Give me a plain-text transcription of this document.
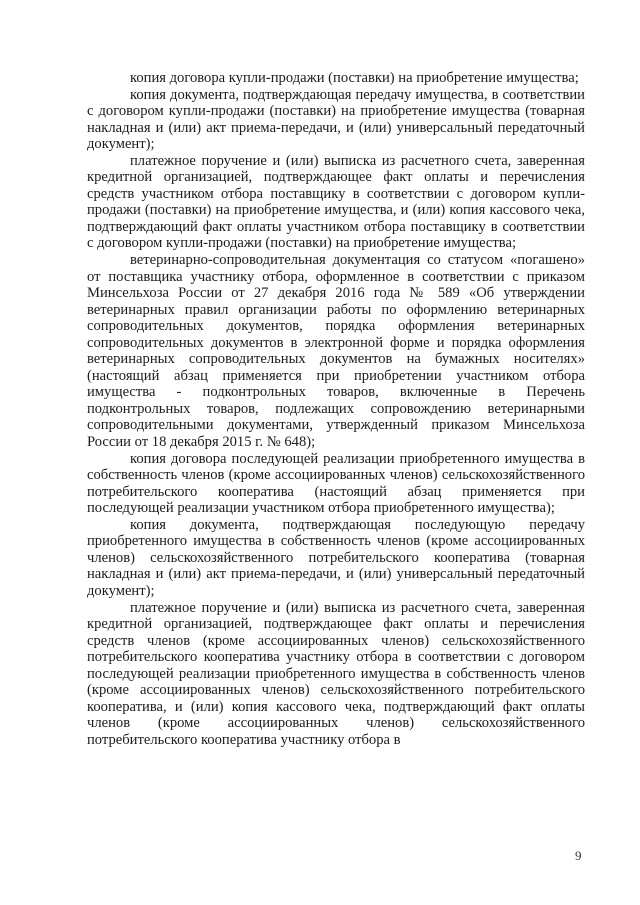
копия договора купли-продажи (поставки) на приобретение имущества;

копия документа, подтверждающая передачу имущества, в соответствии с договором купли-продажи (поставки) на приобретение имущества (товарная накладная и (или) акт приема-передачи, и (или) универсальный передаточный документ);

платежное поручение и (или) выписка из расчетного счета, заверенная кредитной организацией, подтверждающее факт оплаты и перечисления средств участником отбора поставщику в соответствии с договором купли-продажи (поставки) на приобретение имущества, и (или) копия кассового чека, подтверждающий факт оплаты участником отбора поставщику в соответствии с договором купли-продажи (поставки) на приобретение имущества;

ветеринарно-сопроводительная документация со статусом «погашено» от поставщика участнику отбора, оформленное в соответствии с приказом Минсельхоза России от 27 декабря 2016 года № 589 «Об утверждении ветеринарных правил организации работы по оформлению ветеринарных сопроводительных документов, порядка оформления ветеринарных сопроводительных документов в электронной форме и порядка оформления ветеринарных сопроводительных документов на бумажных носителях» (настоящий абзац применяется при приобретении участником отбора имущества - подконтрольных товаров, включенные в Перечень подконтрольных товаров, подлежащих сопровождению ветеринарными сопроводительными документами, утвержденный приказом Минсельхоза России от 18 декабря 2015 г. № 648);

копия договора последующей реализации приобретенного имущества в собственность членов (кроме ассоциированных членов) сельскохозяйственного потребительского кооператива (настоящий абзац применяется при последующей реализации участником отбора приобретенного имущества);

копия документа, подтверждающая последующую передачу приобретенного имущества в собственность членов (кроме ассоциированных членов) сельскохозяйственного потребительского кооператива (товарная накладная и (или) акт приема-передачи, и (или) универсальный передаточный документ);

платежное поручение и (или) выписка из расчетного счета, заверенная кредитной организацией, подтверждающее факт оплаты и перечисления средств членов (кроме ассоциированных членов) сельскохозяйственного потребительского кооператива участнику отбора в соответствии с договором последующей реализации приобретенного имущества в собственность членов (кроме ассоциированных членов) сельскохозяйственного потребительского кооператива, и (или) копия кассового чека, подтверждающий факт оплаты членов (кроме ассоциированных членов) сельскохозяйственного потребительского кооператива участнику отбора в

9
